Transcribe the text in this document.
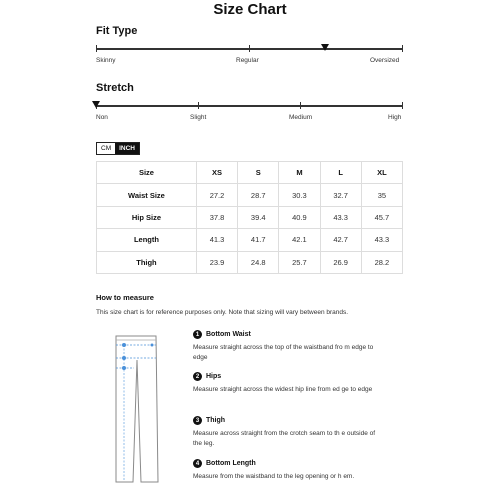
Size Chart
Fit Type
Skinny	Regular	Oversized
Stretch
Non	Slight	Medium	High
CM	INCH
Size	XS	S	M	L	XL
Waist Size	27.2	28.7	30.3	32.7	35
Hip Size	37.8	39.4	40.9	43.3	45.7
Length	41.3	41.7	42.1	42.7	43.3
Thigh	23.9	24.8	25.7	26.9	28.2
How to measure
This size chart is for reference purposes only. Note that sizing will vary between brands.
1 Bottom Waist
Measure straight across the top of the waistband fro m edge to edge
2 Hips
Measure straight across the widest hip line from ed ge to edge
3 Thigh
Measure across straight from the crotch seam to th e outside of the leg.
4 Bottom Length
Measure from the waistband to the leg opening or h em.
